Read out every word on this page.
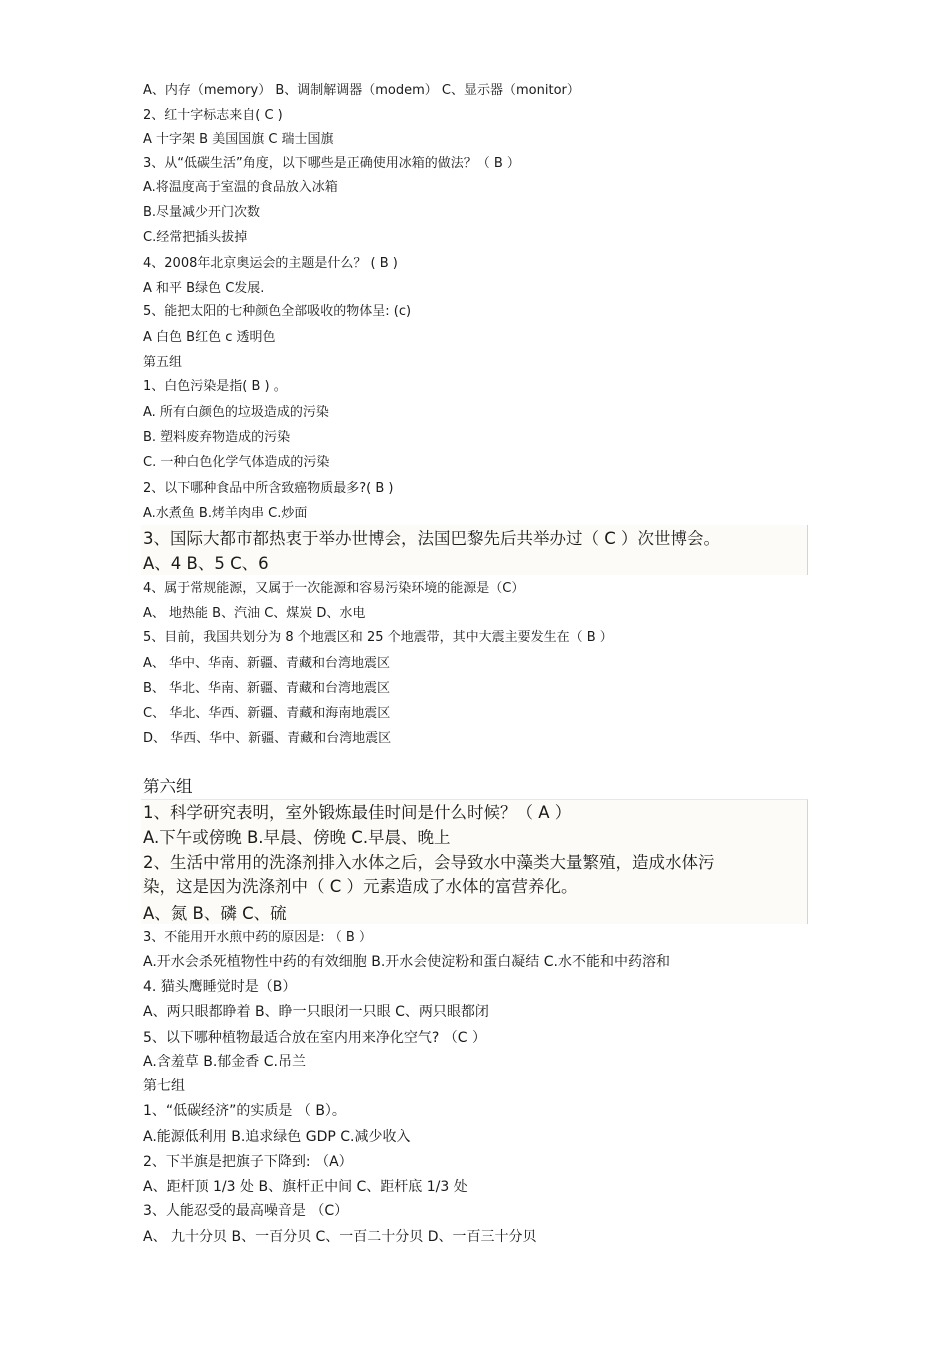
A、内存（memory） B、调制解调器（modem） C、显示器（monitor）
2、红十字标志来自( C )
A 十字架 B 美国国旗 C 瑞士国旗
3、从“低碳生活”角度，以下哪些是正确使用冰箱的做法？（ B ）
A.将温度高于室温的食品放入冰箱
B.尽量减少开门次数
C.经常把插头拔掉
4、2008年北京奥运会的主题是什么？ ( B )
A 和平 B绿色 C发展.
5、能把太阳的七种颜色全部吸收的物体呈: (c)
A 白色 B红色 c 透明色
第五组
1、白色污染是指( B ) 。
A. 所有白颜色的垃圾造成的污染
B. 塑料废弃物造成的污染
C. 一种白色化学气体造成的污染
2、以下哪种食品中所含致癌物质最多?( B )
A.水煮鱼 B.烤羊肉串 C.炒面
3、国际大都市都热衷于举办世博会，法国巴黎先后共举办过（ C ）次世博会。
A、4 B、5 C、6
4、属于常规能源，又属于一次能源和容易污染环境的能源是（C）
A、 地热能 B、汽油 C、煤炭 D、水电
5、目前，我国共划分为 8 个地震区和 25 个地震带，其中大震主要发生在（ B ）
A、 华中、华南、新疆、青藏和台湾地震区
B、 华北、华南、新疆、青藏和台湾地震区
C、 华北、华西、新疆、青藏和海南地震区
D、 华西、华中、新疆、青藏和台湾地震区
第六组
1、科学研究表明，室外锻炼最佳时间是什么时候？（ A ）
A.下午或傍晚 B.早晨、傍晚 C.早晨、晚上
2、生活中常用的洗涤剂排入水体之后，会导致水中藻类大量繁殖，造成水体污
染，这是因为洗涤剂中（ C ）元素造成了水体的富营养化。
A、氮 B、磷 C、硫
3、不能用开水煎中药的原因是: （ B ）
A.开水会杀死植物性中药的有效细胞 B.开水会使淀粉和蛋白凝结 C.水不能和中药溶和
4. 猫头鹰睡觉时是（B）
A、两只眼都睁着 B、睁一只眼闭一只眼 C、两只眼都闭
5、以下哪种植物最适合放在室内用来净化空气? （C ）
A.含羞草 B.郁金香 C.吊兰
第七组
1、“低碳经济”的实质是 （ B）。
A.能源低利用 B.追求绿色 GDP C.减少收入
2、下半旗是把旗子下降到: （A）
A、距杆顶 1/3 处 B、旗杆正中间 C、距杆底 1/3 处
3、人能忍受的最高噪音是 （C）
A、 九十分贝 B、一百分贝 C、一百二十分贝 D、一百三十分贝
